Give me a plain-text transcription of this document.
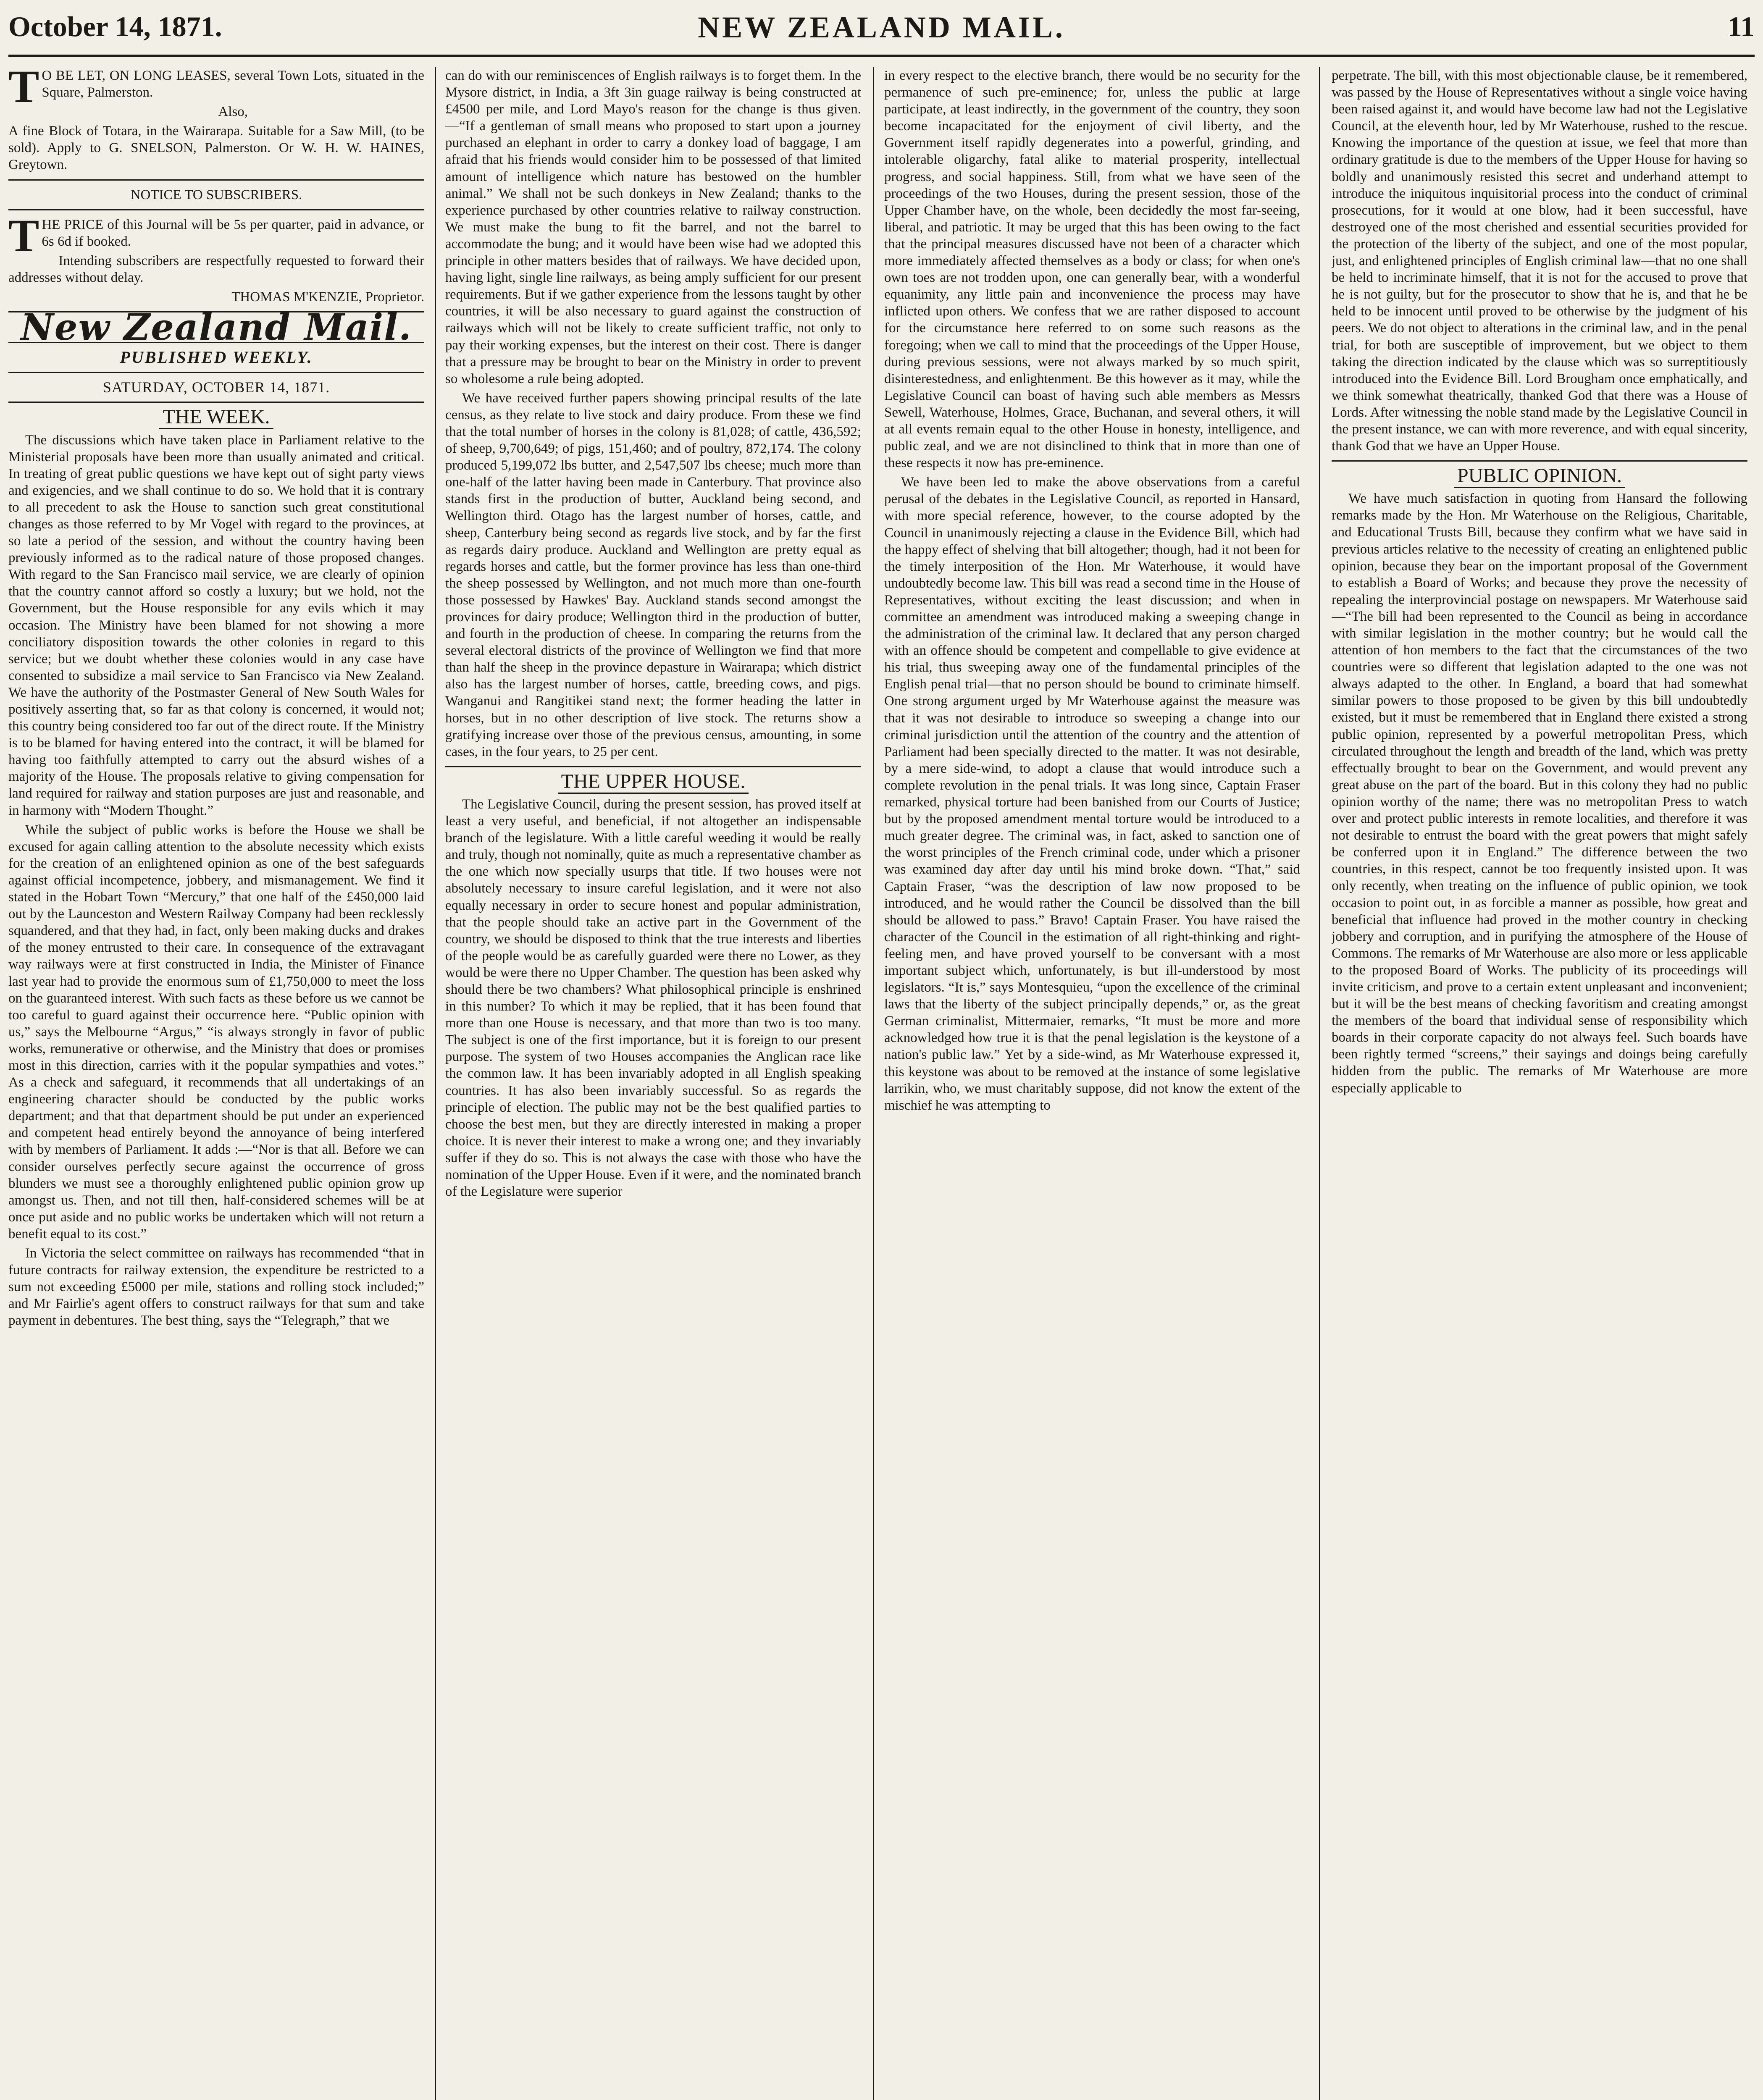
October 14, 1871.	NEW ZEALAND MAIL.	11

T O BE LET, ON LONG LEASES, several Town Lots, situated in the Square, Palmerston.

Also,

A fine Block of Totara, in the Wairarapa. Suitable for a Saw Mill, (to be sold). Apply to G. SNELSON, Palmerston. Or W. H. W. HAINES, Greytown.

NOTICE TO SUBSCRIBERS.

THE PRICE of this Journal will be 5s per quarter, paid in advance, or 6s 6d if booked.

Intending subscribers are respectfully requested to forward their addresses without delay.

THOMAS M'KENZIE, Proprietor.

New Zealand Mail.
PUBLISHED WEEKLY.
SATURDAY, OCTOBER 14, 1871.
THE WEEK.

The discussions which have taken place in Parliament relative to the Ministerial proposals have been more than usually animated and critical. In treating of great public questions we have kept out of sight party views and exigencies, and we shall continue to do so. We hold that it is contrary to all precedent to ask the House to sanction such great constitutional changes as those referred to by Mr Vogel with regard to the provinces, at so late a period of the session, and without the country having been previously informed as to the radical nature of those proposed changes. With regard to the San Francisco mail service, we are clearly of opinion that the country cannot afford so costly a luxury; but we hold, not the Government, but the House responsible for any evils which it may occasion. The Ministry have been blamed for not showing a more conciliatory disposition towards the other colonies in regard to this service; but we doubt whether these colonies would in any case have consented to subsidize a mail service to San Francisco via New Zealand. We have the authority of the Postmaster General of New South Wales for positively asserting that, so far as that colony is concerned, it would not; this country being considered too far out of the direct route. If the Ministry is to be blamed for having entered into the contract, it will be blamed for having too faithfully attempted to carry out the absurd wishes of a majority of the House. The proposals relative to giving compensation for land required for railway and station purposes are just and reasonable, and in harmony with “Modern Thought.”

While the subject of public works is before the House we shall be excused for again calling attention to the absolute necessity which exists for the creation of an enlightened opinion as one of the best safeguards against official incompetence, jobbery, and mismanagement. We find it stated in the Hobart Town “Mercury,” that one half of the £450,000 laid out by the Launceston and Western Railway Company had been recklessly squandered, and that they had, in fact, only been making ducks and drakes of the money entrusted to their care. In consequence of the extravagant way railways were at first constructed in India, the Minister of Finance last year had to provide the enormous sum of £1,750,000 to meet the loss on the guaranteed interest. With such facts as these before us we cannot be too careful to guard against their occurrence here. “Public opinion with us,” says the Melbourne “Argus,” “is always strongly in favor of public works, remunerative or otherwise, and the Ministry that does or promises most in this direction, carries with it the popular sympathies and votes.” As a check and safeguard, it recommends that all undertakings of an engineering character should be conducted by the public works department; and that that department should be put under an experienced and competent head entirely beyond the annoyance of being interfered with by members of Parliament. It adds :—“Nor is that all. Before we can consider ourselves perfectly secure against the occurrence of gross blunders we must see a thoroughly enlightened public opinion grow up amongst us. Then, and not till then, half-considered schemes will be at once put aside and no public works be undertaken which will not return a benefit equal to its cost.”

In Victoria the select committee on railways has recommended “that in future contracts for railway extension, the expenditure be restricted to a sum not exceeding £5000 per mile, stations and rolling stock included;” and Mr Fairlie's agent offers to construct railways for that sum and take payment in debentures. The best thing, says the “Telegraph,” that we

can do with our reminiscences of English railways is to forget them. In the Mysore district, in India, a 3ft 3in guage railway is being constructed at £4500 per mile, and Lord Mayo's reason for the change is thus given. —“If a gentleman of small means who proposed to start upon a journey purchased an elephant in order to carry a donkey load of baggage, I am afraid that his friends would consider him to be possessed of that limited amount of intelligence which nature has bestowed on the humbler animal.” We shall not be such donkeys in New Zealand; thanks to the experience purchased by other countries relative to railway construction. We must make the bung to fit the barrel, and not the barrel to accommodate the bung; and it would have been wise had we adopted this principle in other matters besides that of railways. We have decided upon, having light, single line railways, as being amply sufficient for our present requirements. But if we gather experience from the lessons taught by other countries, it will be also necessary to guard against the construction of railways which will not be likely to create sufficient traffic, not only to pay their working expenses, but the interest on their cost. There is danger that a pressure may be brought to bear on the Ministry in order to prevent so wholesome a rule being adopted.

We have received further papers showing principal results of the late census, as they relate to live stock and dairy produce. From these we find that the total number of horses in the colony is 81,028; of cattle, 436,592; of sheep, 9,700,649; of pigs, 151,460; and of poultry, 872,174. The colony produced 5,199,072 lbs butter, and 2,547,507 lbs cheese; much more than one-half of the latter having been made in Canterbury. That province also stands first in the production of butter, Auckland being second, and Wellington third. Otago has the largest number of horses, cattle, and sheep, Canterbury being second as regards live stock, and by far the first as regards dairy produce. Auckland and Wellington are pretty equal as regards horses and cattle, but the former province has less than one-third the sheep possessed by Wellington, and not much more than one-fourth those possessed by Hawkes' Bay. Auckland stands second amongst the provinces for dairy produce; Wellington third in the production of butter, and fourth in the production of cheese. In comparing the returns from the several electoral districts of the province of Wellington we find that more than half the sheep in the province depasture in Wairarapa; which district also has the largest number of horses, cattle, breeding cows, and pigs. Wanganui and Rangitikei stand next; the former heading the latter in horses, but in no other description of live stock. The returns show a gratifying increase over those of the previous census, amounting, in some cases, in the four years, to 25 per cent.

THE UPPER HOUSE.

The Legislative Council, during the present session, has proved itself at least a very useful, and beneficial, if not altogether an indispensable branch of the legislature. With a little careful weeding it would be really and truly, though not nominally, quite as much a representative chamber as the one which now specially usurps that title. If two houses were not absolutely necessary to insure careful legislation, and it were not also equally necessary in order to secure honest and popular administration, that the people should take an active part in the Government of the country, we should be disposed to think that the true interests and liberties of the people would be as carefully guarded were there no Lower, as they would be were there no Upper Chamber. The question has been asked why should there be two chambers? What philosophical principle is enshrined in this number? To which it may be replied, that it has been found that more than one House is necessary, and that more than two is too many. The subject is one of the first importance, but it is foreign to our present purpose. The system of two Houses accompanies the Anglican race like the common law. It has been invariably adopted in all English speaking countries. It has also been invariably successful. So as regards the principle of election. The public may not be the best qualified parties to choose the best men, but they are directly interested in making a proper choice. It is never their interest to make a wrong one; and they invariably suffer if they do so. This is not always the case with those who have the nomination of the Upper House. Even if it were, and the nominated branch of the Legislature were superior

in every respect to the elective branch, there would be no security for the permanence of such pre-eminence; for, unless the public at large participate, at least indirectly, in the government of the country, they soon become incapacitated for the enjoyment of civil liberty, and the Government itself rapidly degenerates into a powerful, grinding, and intolerable oligarchy, fatal alike to material prosperity, intellectual progress, and social happiness. Still, from what we have seen of the proceedings of the two Houses, during the present session, those of the Upper Chamber have, on the whole, been decidedly the most far-seeing, liberal, and patriotic. It may be urged that this has been owing to the fact that the principal measures discussed have not been of a character which more immediately affected themselves as a body or class; for when one's own toes are not trodden upon, one can generally bear, with a wonderful equanimity, any little pain and inconvenience the process may have inflicted upon others. We confess that we are rather disposed to account for the circumstance here referred to on some such reasons as the foregoing; when we call to mind that the proceedings of the Upper House, during previous sessions, were not always marked by so much spirit, disinterestedness, and enlightenment. Be this however as it may, while the Legislative Council can boast of having such able members as Messrs Sewell, Waterhouse, Holmes, Grace, Buchanan, and several others, it will at all events remain equal to the other House in honesty, intelligence, and public zeal, and we are not disinclined to think that in more than one of these respects it now has pre-eminence.

We have been led to make the above observations from a careful perusal of the debates in the Legislative Council, as reported in Hansard, with more special reference, however, to the course adopted by the Council in unanimously rejecting a clause in the Evidence Bill, which had the happy effect of shelving that bill altogether; though, had it not been for the timely interposition of the Hon. Mr Waterhouse, it would have undoubtedly become law. This bill was read a second time in the House of Representatives, without exciting the least discussion; and when in committee an amendment was introduced making a sweeping change in the administration of the criminal law. It declared that any person charged with an offence should be competent and compellable to give evidence at his trial, thus sweeping away one of the fundamental principles of the English penal trial—that no person should be bound to criminate himself. One strong argument urged by Mr Waterhouse against the measure was that it was not desirable to introduce so sweeping a change into our criminal jurisdiction until the attention of the country and the attention of Parliament had been specially directed to the matter. It was not desirable, by a mere side-wind, to adopt a clause that would introduce such a complete revolution in the penal trials. It was long since, Captain Fraser remarked, physical torture had been banished from our Courts of Justice; but by the proposed amendment mental torture would be introduced to a much greater degree. The criminal was, in fact, asked to sanction one of the worst principles of the French criminal code, under which a prisoner was examined day after day until his mind broke down. “That,” said Captain Fraser, “was the description of law now proposed to be introduced, and he would rather the Council be dissolved than the bill should be allowed to pass.” Bravo! Captain Fraser. You have raised the character of the Council in the estimation of all right-thinking and right-feeling men, and have proved yourself to be conversant with a most important subject which, unfortunately, is but ill-understood by most legislators. “It is,” says Montesquieu, “upon the excellence of the criminal laws that the liberty of the subject principally depends,” or, as the great German criminalist, Mittermaier, remarks, “It must be more and more acknowledged how true it is that the penal legislation is the keystone of a nation's public law.” Yet by a side-wind, as Mr Waterhouse expressed it, this keystone was about to be removed at the instance of some legislative larrikin, who, we must charitably suppose, did not know the extent of the mischief he was attempting to

perpetrate. The bill, with this most objectionable clause, be it remembered, was passed by the House of Representatives without a single voice having been raised against it, and would have become law had not the Legislative Council, at the eleventh hour, led by Mr Waterhouse, rushed to the rescue. Knowing the importance of the question at issue, we feel that more than ordinary gratitude is due to the members of the Upper House for having so boldly and unanimously resisted this secret and underhand attempt to introduce the iniquitous inquisitorial process into the conduct of criminal prosecutions, for it would at one blow, had it been successful, have destroyed one of the most cherished and essential securities provided for the protection of the liberty of the subject, and one of the most popular, just, and enlightened principles of English criminal law—that no one shall be held to incriminate himself, that it is not for the accused to prove that he is not guilty, but for the prosecutor to show that he is, and that he be held to be innocent until proved to be otherwise by the judgment of his peers. We do not object to alterations in the criminal law, and in the penal trial, for both are susceptible of improvement, but we object to them taking the direction indicated by the clause which was so surreptitiously introduced into the Evidence Bill. Lord Brougham once emphatically, and we think somewhat theatrically, thanked God that there was a House of Lords. After witnessing the noble stand made by the Legislative Council in the present instance, we can with more reverence, and with equal sincerity, thank God that we have an Upper House.

PUBLIC OPINION.

We have much satisfaction in quoting from Hansard the following remarks made by the Hon. Mr Waterhouse on the Religious, Charitable, and Educational Trusts Bill, because they confirm what we have said in previous articles relative to the necessity of creating an enlightened public opinion, because they bear on the important proposal of the Government to establish a Board of Works; and because they prove the necessity of repealing the interprovincial postage on newspapers. Mr Waterhouse said—“The bill had been represented to the Council as being in accordance with similar legislation in the mother country; but he would call the attention of hon members to the fact that the circumstances of the two countries were so different that legislation adapted to the one was not always adapted to the other. In England, a board that had somewhat similar powers to those proposed to be given by this bill undoubtedly existed, but it must be remembered that in England there existed a strong public opinion, represented by a powerful metropolitan Press, which circulated throughout the length and breadth of the land, which was pretty effectually brought to bear on the Government, and would prevent any great abuse on the part of the board. But in this colony they had no public opinion worthy of the name; there was no metropolitan Press to watch over and protect public interests in remote localities, and therefore it was not desirable to entrust the board with the great powers that might safely be conferred upon it in England.” The difference between the two countries, in this respect, cannot be too frequently insisted upon. It was only recently, when treating on the influence of public opinion, we took occasion to point out, in as forcible a manner as possible, how great and beneficial that influence had proved in the mother country in checking jobbery and corruption, and in purifying the atmosphere of the House of Commons. The remarks of Mr Waterhouse are also more or less applicable to the proposed Board of Works. The publicity of its proceedings will invite criticism, and prove to a certain extent unpleasant and inconvenient; but it will be the best means of checking favoritism and creating amongst the members of the board that individual sense of responsibility which boards in their corporate capacity do not always feel. Such boards have been rightly termed “screens,” their sayings and doings being carefully hidden from the public. The remarks of Mr Waterhouse are more especially applicable to
